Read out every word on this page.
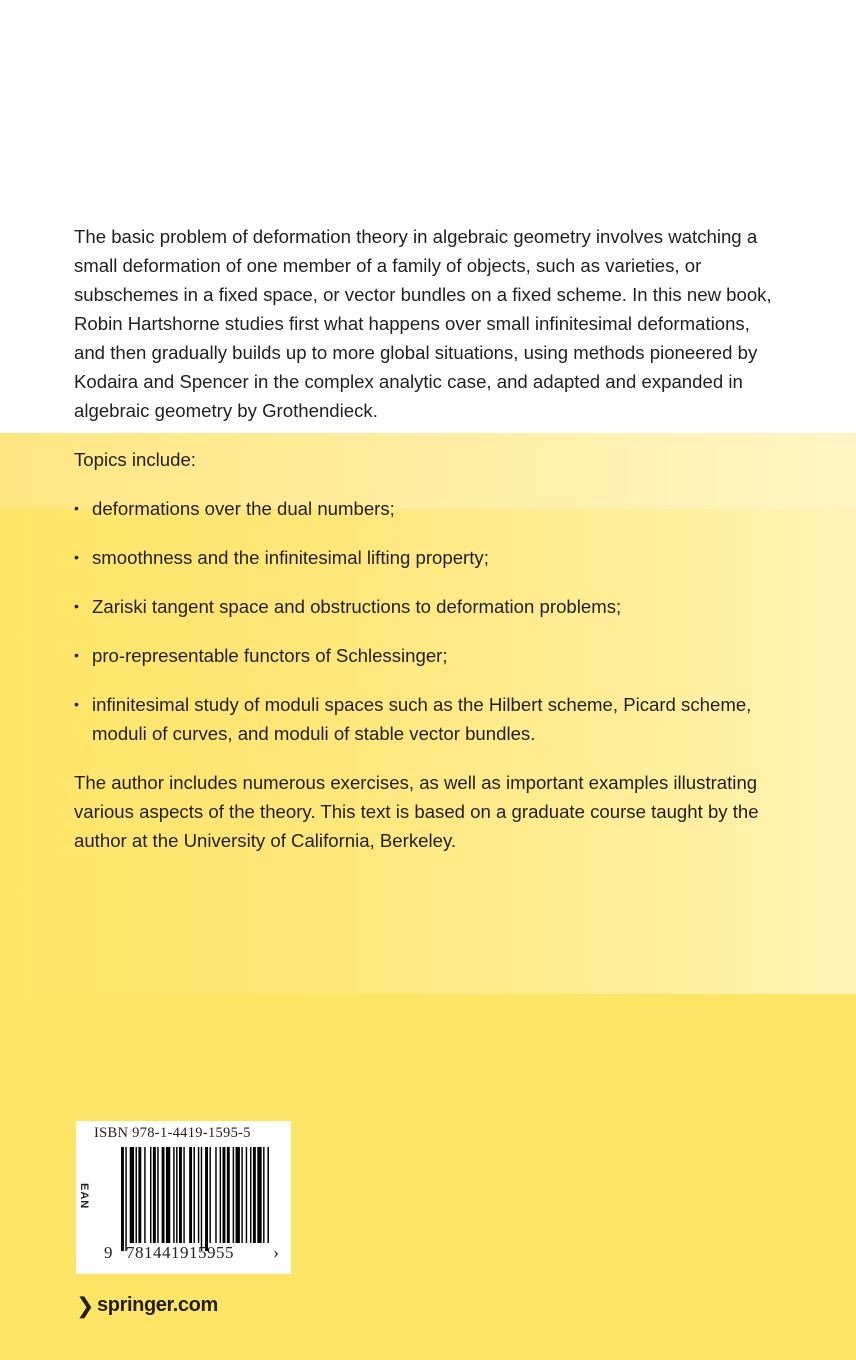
The basic problem of deformation theory in algebraic geometry involves watching a small deformation of one member of a family of objects, such as varieties, or subschemes in a fixed space, or vector bundles on a fixed scheme. In this new book, Robin Hartshorne studies first what happens over small infinitesimal deformations, and then gradually builds up to more global situations, using methods pioneered by Kodaira and Spencer in the complex analytic case, and adapted and expanded in algebraic geometry by Grothendieck.

Topics include:

• deformations over the dual numbers;
• smoothness and the infinitesimal lifting property;
• Zariski tangent space and obstructions to deformation problems;
• pro-representable functors of Schlessinger;
• infinitesimal study of moduli spaces such as the Hilbert scheme, Picard scheme, moduli of curves, and moduli of stable vector bundles.

The author includes numerous exercises, as well as important examples illustrating various aspects of the theory. This text is based on a graduate course taught by the author at the University of California, Berkeley.

ISBN 978-1-4419-1595-5
EAN
9 781441915955 ›
❯ springer.com
